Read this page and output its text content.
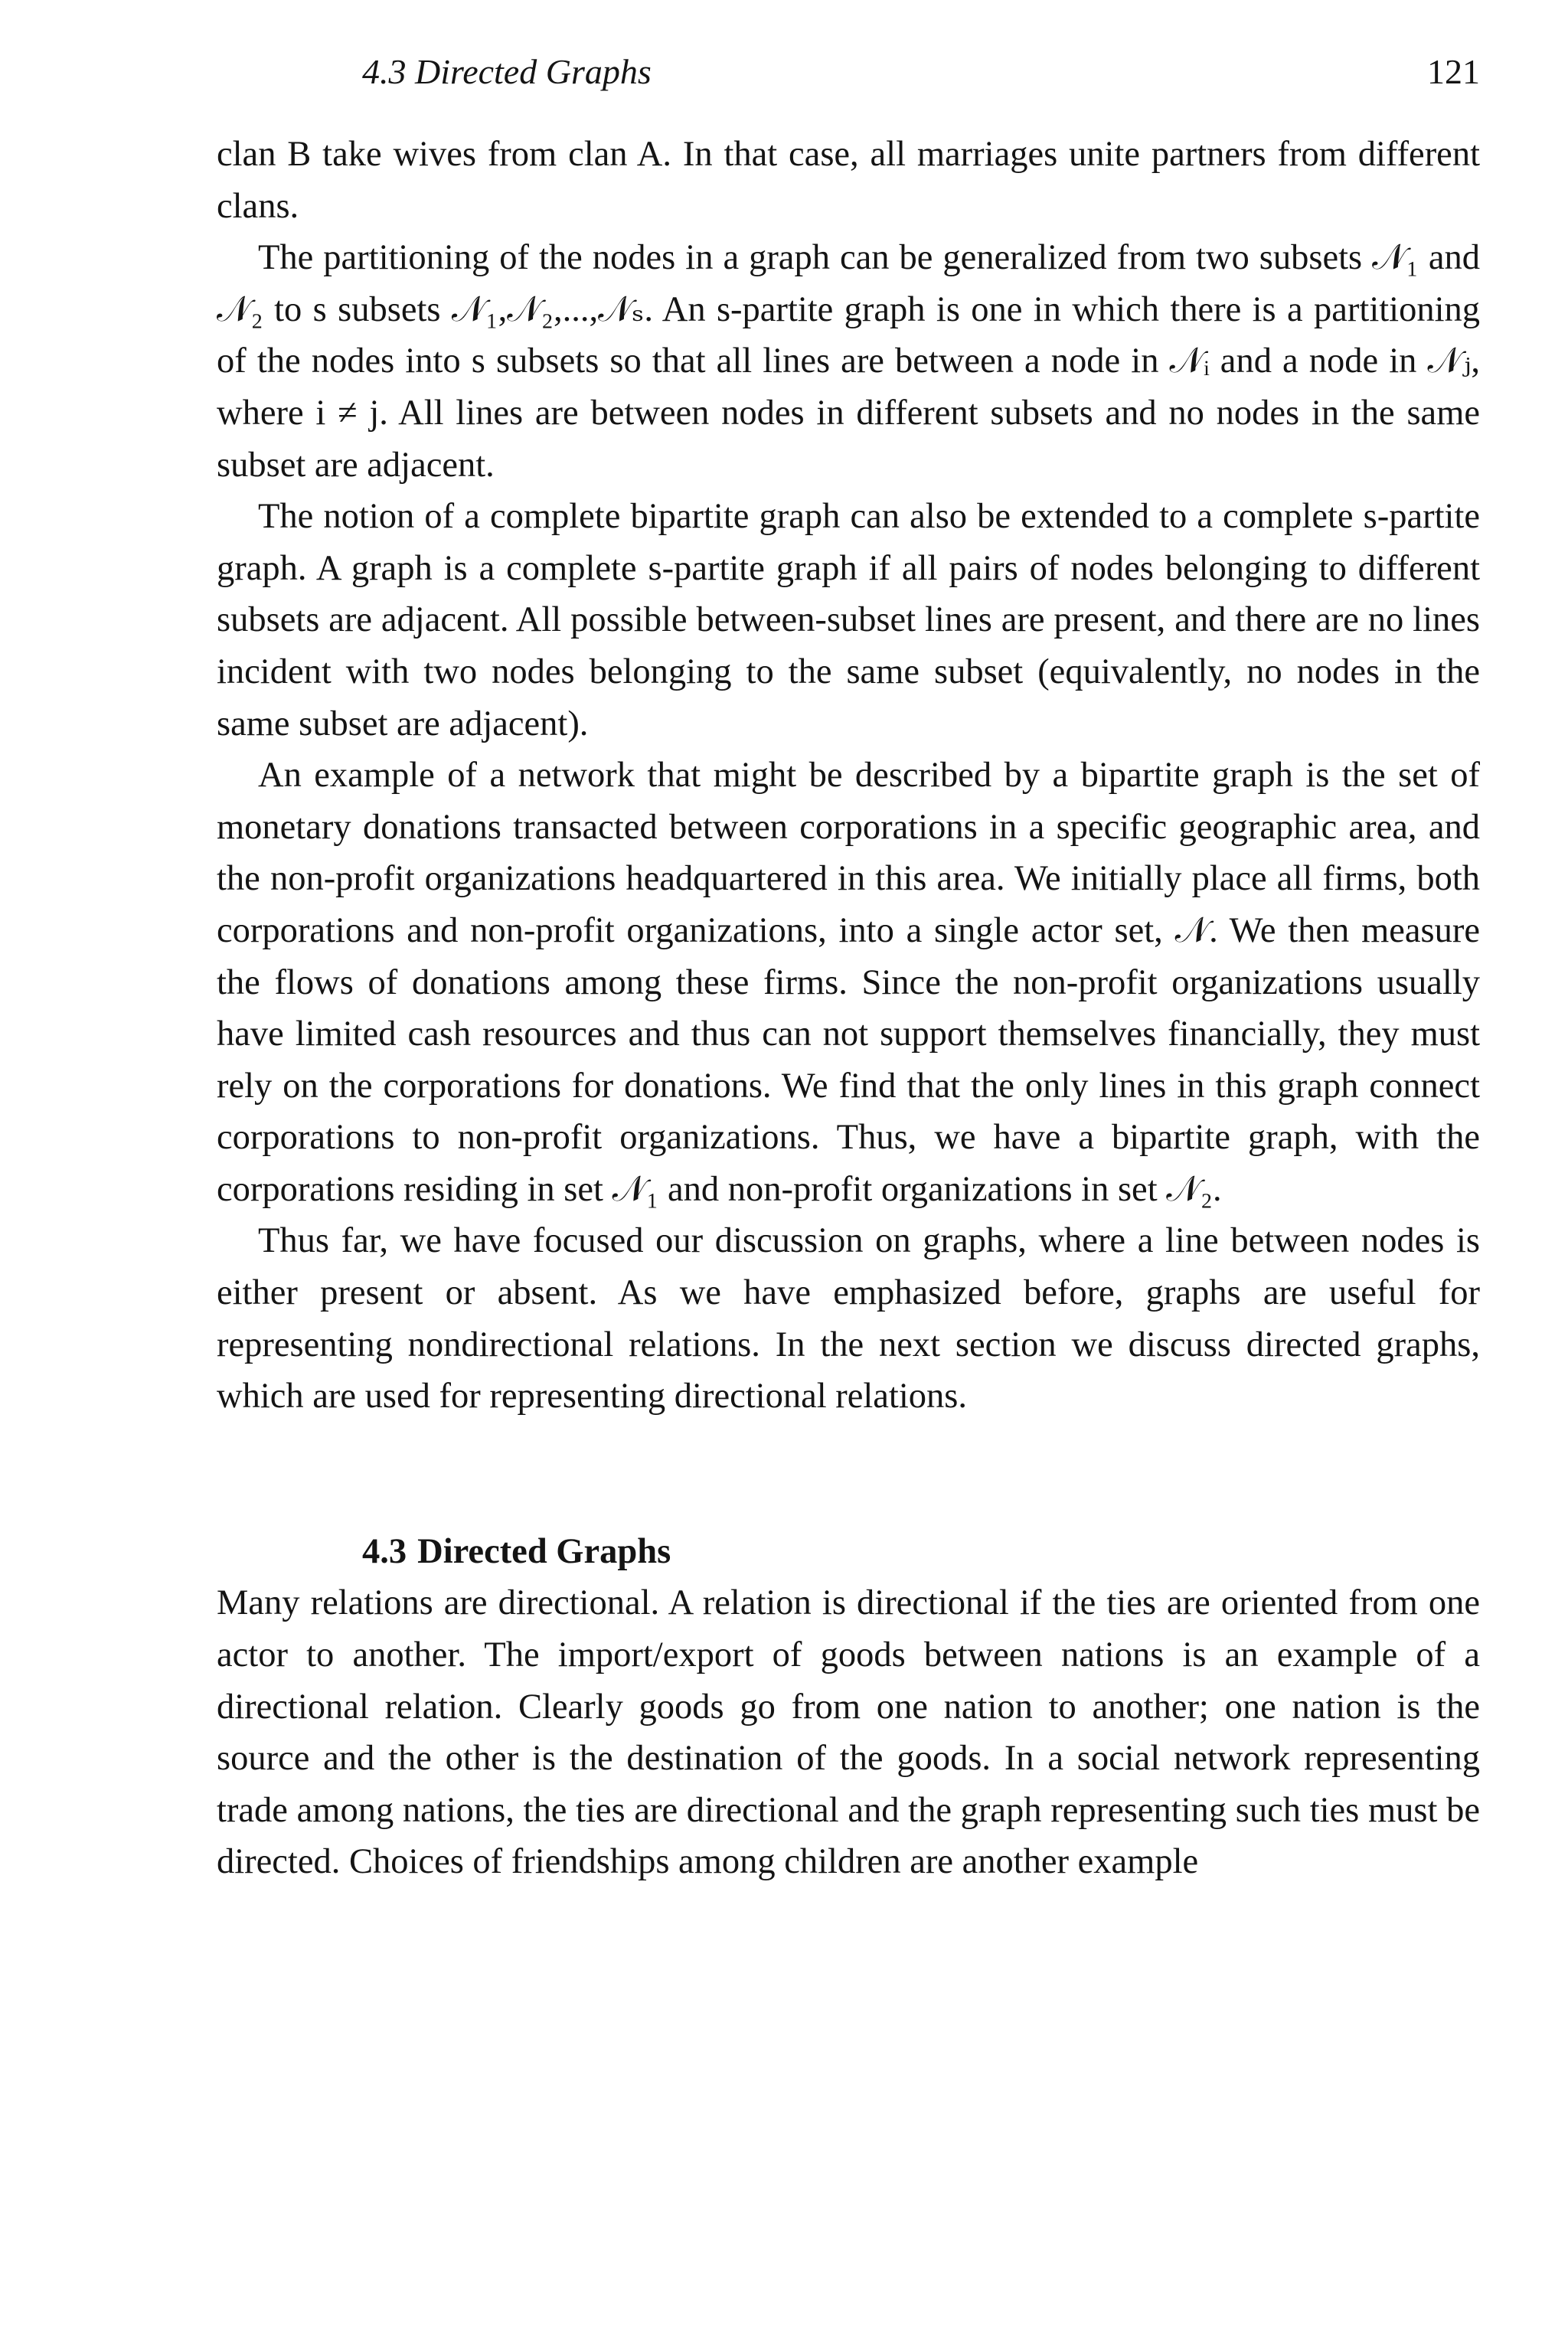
4.3 Directed Graphs	121

clan B take wives from clan A. In that case, all marriages unite partners from different clans.

The partitioning of the nodes in a graph can be generalized from two subsets 𝒩₁ and 𝒩₂ to s subsets 𝒩₁,𝒩₂,...,𝒩ₛ. An s-partite graph is one in which there is a partitioning of the nodes into s subsets so that all lines are between a node in 𝒩ᵢ and a node in 𝒩ⱼ, where i ≠ j. All lines are between nodes in different subsets and no nodes in the same subset are adjacent.

The notion of a complete bipartite graph can also be extended to a complete s-partite graph. A graph is a complete s-partite graph if all pairs of nodes belonging to different subsets are adjacent. All possible between-subset lines are present, and there are no lines incident with two nodes belonging to the same subset (equivalently, no nodes in the same subset are adjacent).

An example of a network that might be described by a bipartite graph is the set of monetary donations transacted between corporations in a specific geographic area, and the non-profit organizations headquartered in this area. We initially place all firms, both corporations and non-profit organizations, into a single actor set, 𝒩. We then measure the flows of donations among these firms. Since the non-profit organizations usually have limited cash resources and thus can not support themselves financially, they must rely on the corporations for donations. We find that the only lines in this graph connect corporations to non-profit organizations. Thus, we have a bipartite graph, with the corporations residing in set 𝒩₁ and non-profit organizations in set 𝒩₂.

Thus far, we have focused our discussion on graphs, where a line between nodes is either present or absent. As we have emphasized before, graphs are useful for representing nondirectional relations. In the next section we discuss directed graphs, which are used for representing directional relations.

4.3 Directed Graphs

Many relations are directional. A relation is directional if the ties are oriented from one actor to another. The import/export of goods between nations is an example of a directional relation. Clearly goods go from one nation to another; one nation is the source and the other is the destination of the goods. In a social network representing trade among nations, the ties are directional and the graph representing such ties must be directed. Choices of friendships among children are another example
